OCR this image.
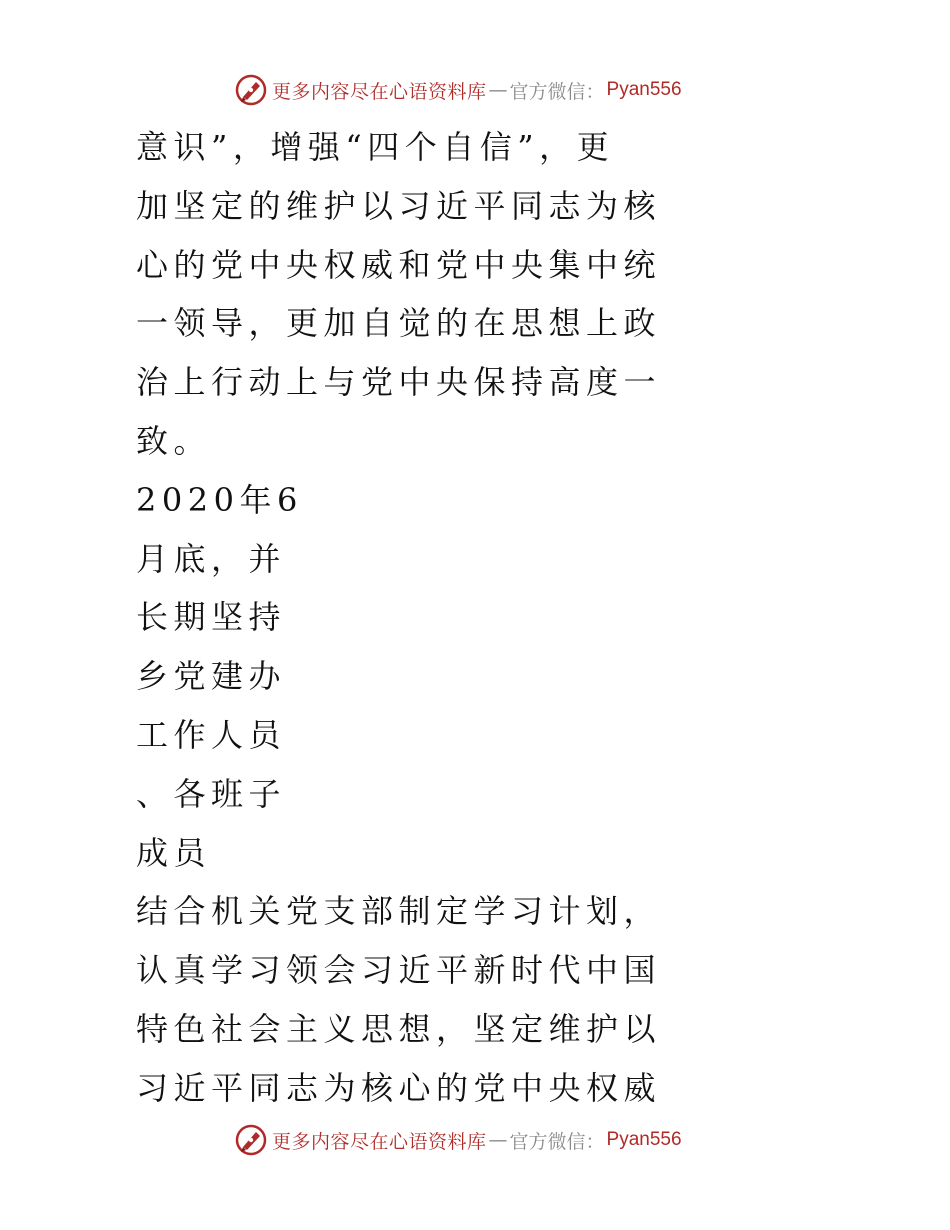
更多内容尽在心语资料库 — 官方微信： Pyan556
意识”，增强“四个自信”，更
加坚定的维护以习近平同志为核
心的党中央权威和党中央集中统
一领导，更加自觉的在思想上政
治上行动上与党中央保持高度一
致。
2020年6
月底，并
长期坚持
乡党建办
工作人员
、各班子
成员
结合机关党支部制定学习计划，
认真学习领会习近平新时代中国
特色社会主义思想，坚定维护以
习近平同志为核心的党中央权威
更多内容尽在心语资料库 — 官方微信： Pyan556
